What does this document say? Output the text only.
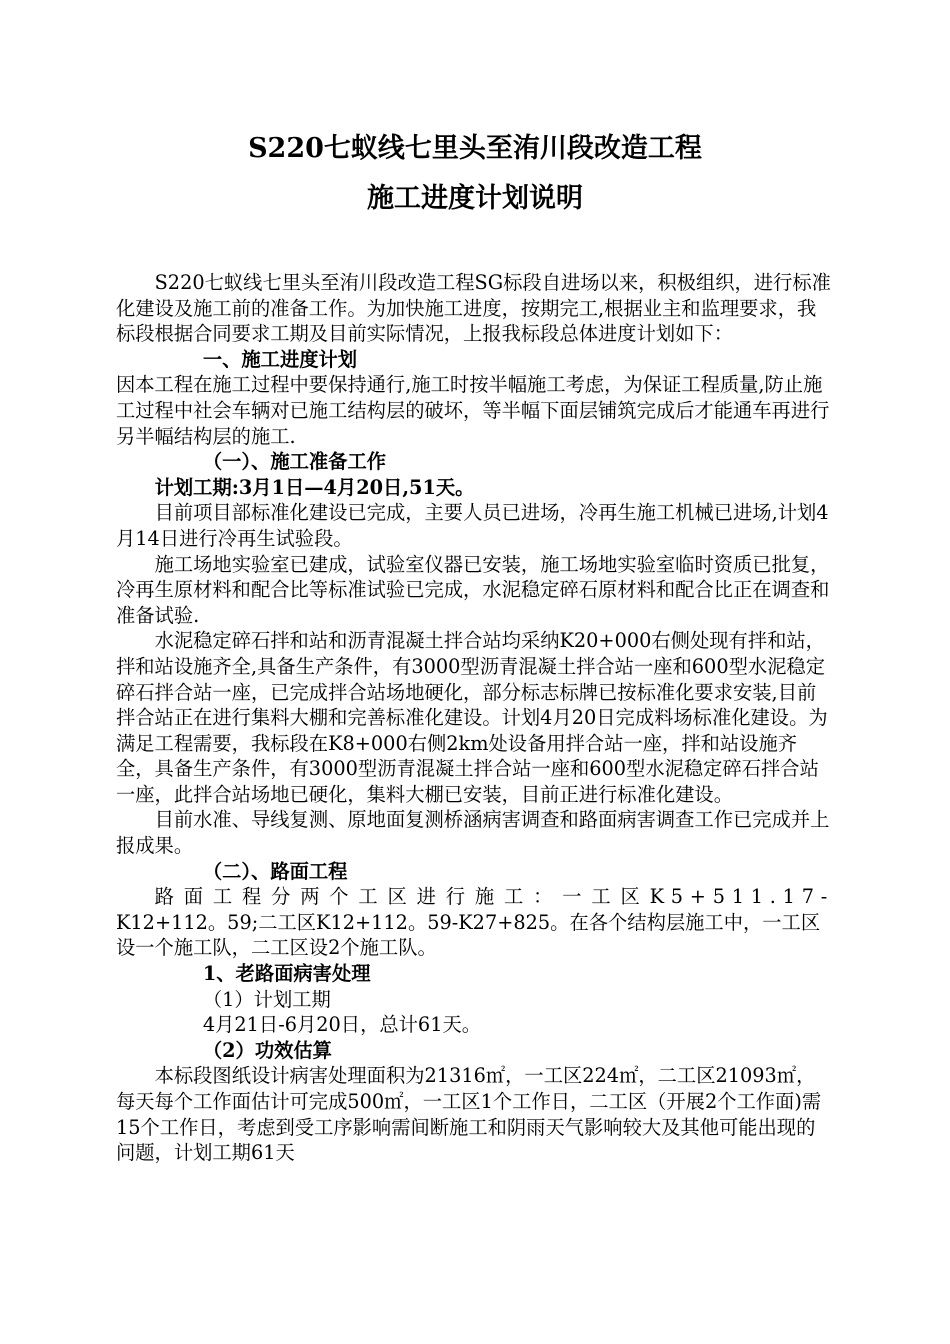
S220七蚁线七里头至洧川段改造工程
施工进度计划说明

S220七蚁线七里头至洧川段改造工程SG标段自进场以来，积极组织，进行标准化建设及施工前的准备工作。为加快施工进度，按期完工,根据业主和监理要求，我标段根据合同要求工期及目前实际情况，上报我标段总体进度计划如下：

一、施工进度计划

因本工程在施工过程中要保持通行,施工时按半幅施工考虑，为保证工程质量,防止施工过程中社会车辆对已施工结构层的破坏，等半幅下面层铺筑完成后才能通车再进行另半幅结构层的施工.

（一）、施工准备工作

计划工期:3月1日—4月20日,51天。

目前项目部标准化建设已完成，主要人员已进场，冷再生施工机械已进场,计划4月14日进行冷再生试验段。

施工场地实验室已建成，试验室仪器已安装，施工场地实验室临时资质已批复，冷再生原材料和配合比等标准试验已完成，水泥稳定碎石原材料和配合比正在调查和准备试验.

水泥稳定碎石拌和站和沥青混凝土拌合站均采纳K20+000右侧处现有拌和站，拌和站设施齐全,具备生产条件，有3000型沥青混凝土拌合站一座和600型水泥稳定碎石拌合站一座，已完成拌合站场地硬化，部分标志标牌已按标准化要求安装,目前拌合站正在进行集料大棚和完善标准化建设。计划4月20日完成料场标准化建设。为满足工程需要，我标段在K8+000右侧2km处设备用拌合站一座，拌和站设施齐全，具备生产条件，有3000型沥青混凝土拌合站一座和600型水泥稳定碎石拌合站一座，此拌合站场地已硬化，集料大棚已安装，目前正进行标准化建设。

目前水准、导线复测、原地面复测桥涵病害调查和路面病害调查工作已完成并上报成果。

（二）、路面工程

路面工程分两个工区进行施工：一工区K5+511.17-

K12+112。59;二工区K12+112。59-K27+825。在各个结构层施工中，一工区设一个施工队，二工区设2个施工队。

1、老路面病害处理

（1）计划工期

4月21日-6月20日，总计61天。

（2）功效估算

本标段图纸设计病害处理面积为21316㎡，一工区224㎡，二工区21093㎡，每天每个工作面估计可完成500㎡，一工区1个工作日，二工区（开展2个工作面)需15个工作日，考虑到受工序影响需间断施工和阴雨天气影响较大及其他可能出现的问题，计划工期61天
